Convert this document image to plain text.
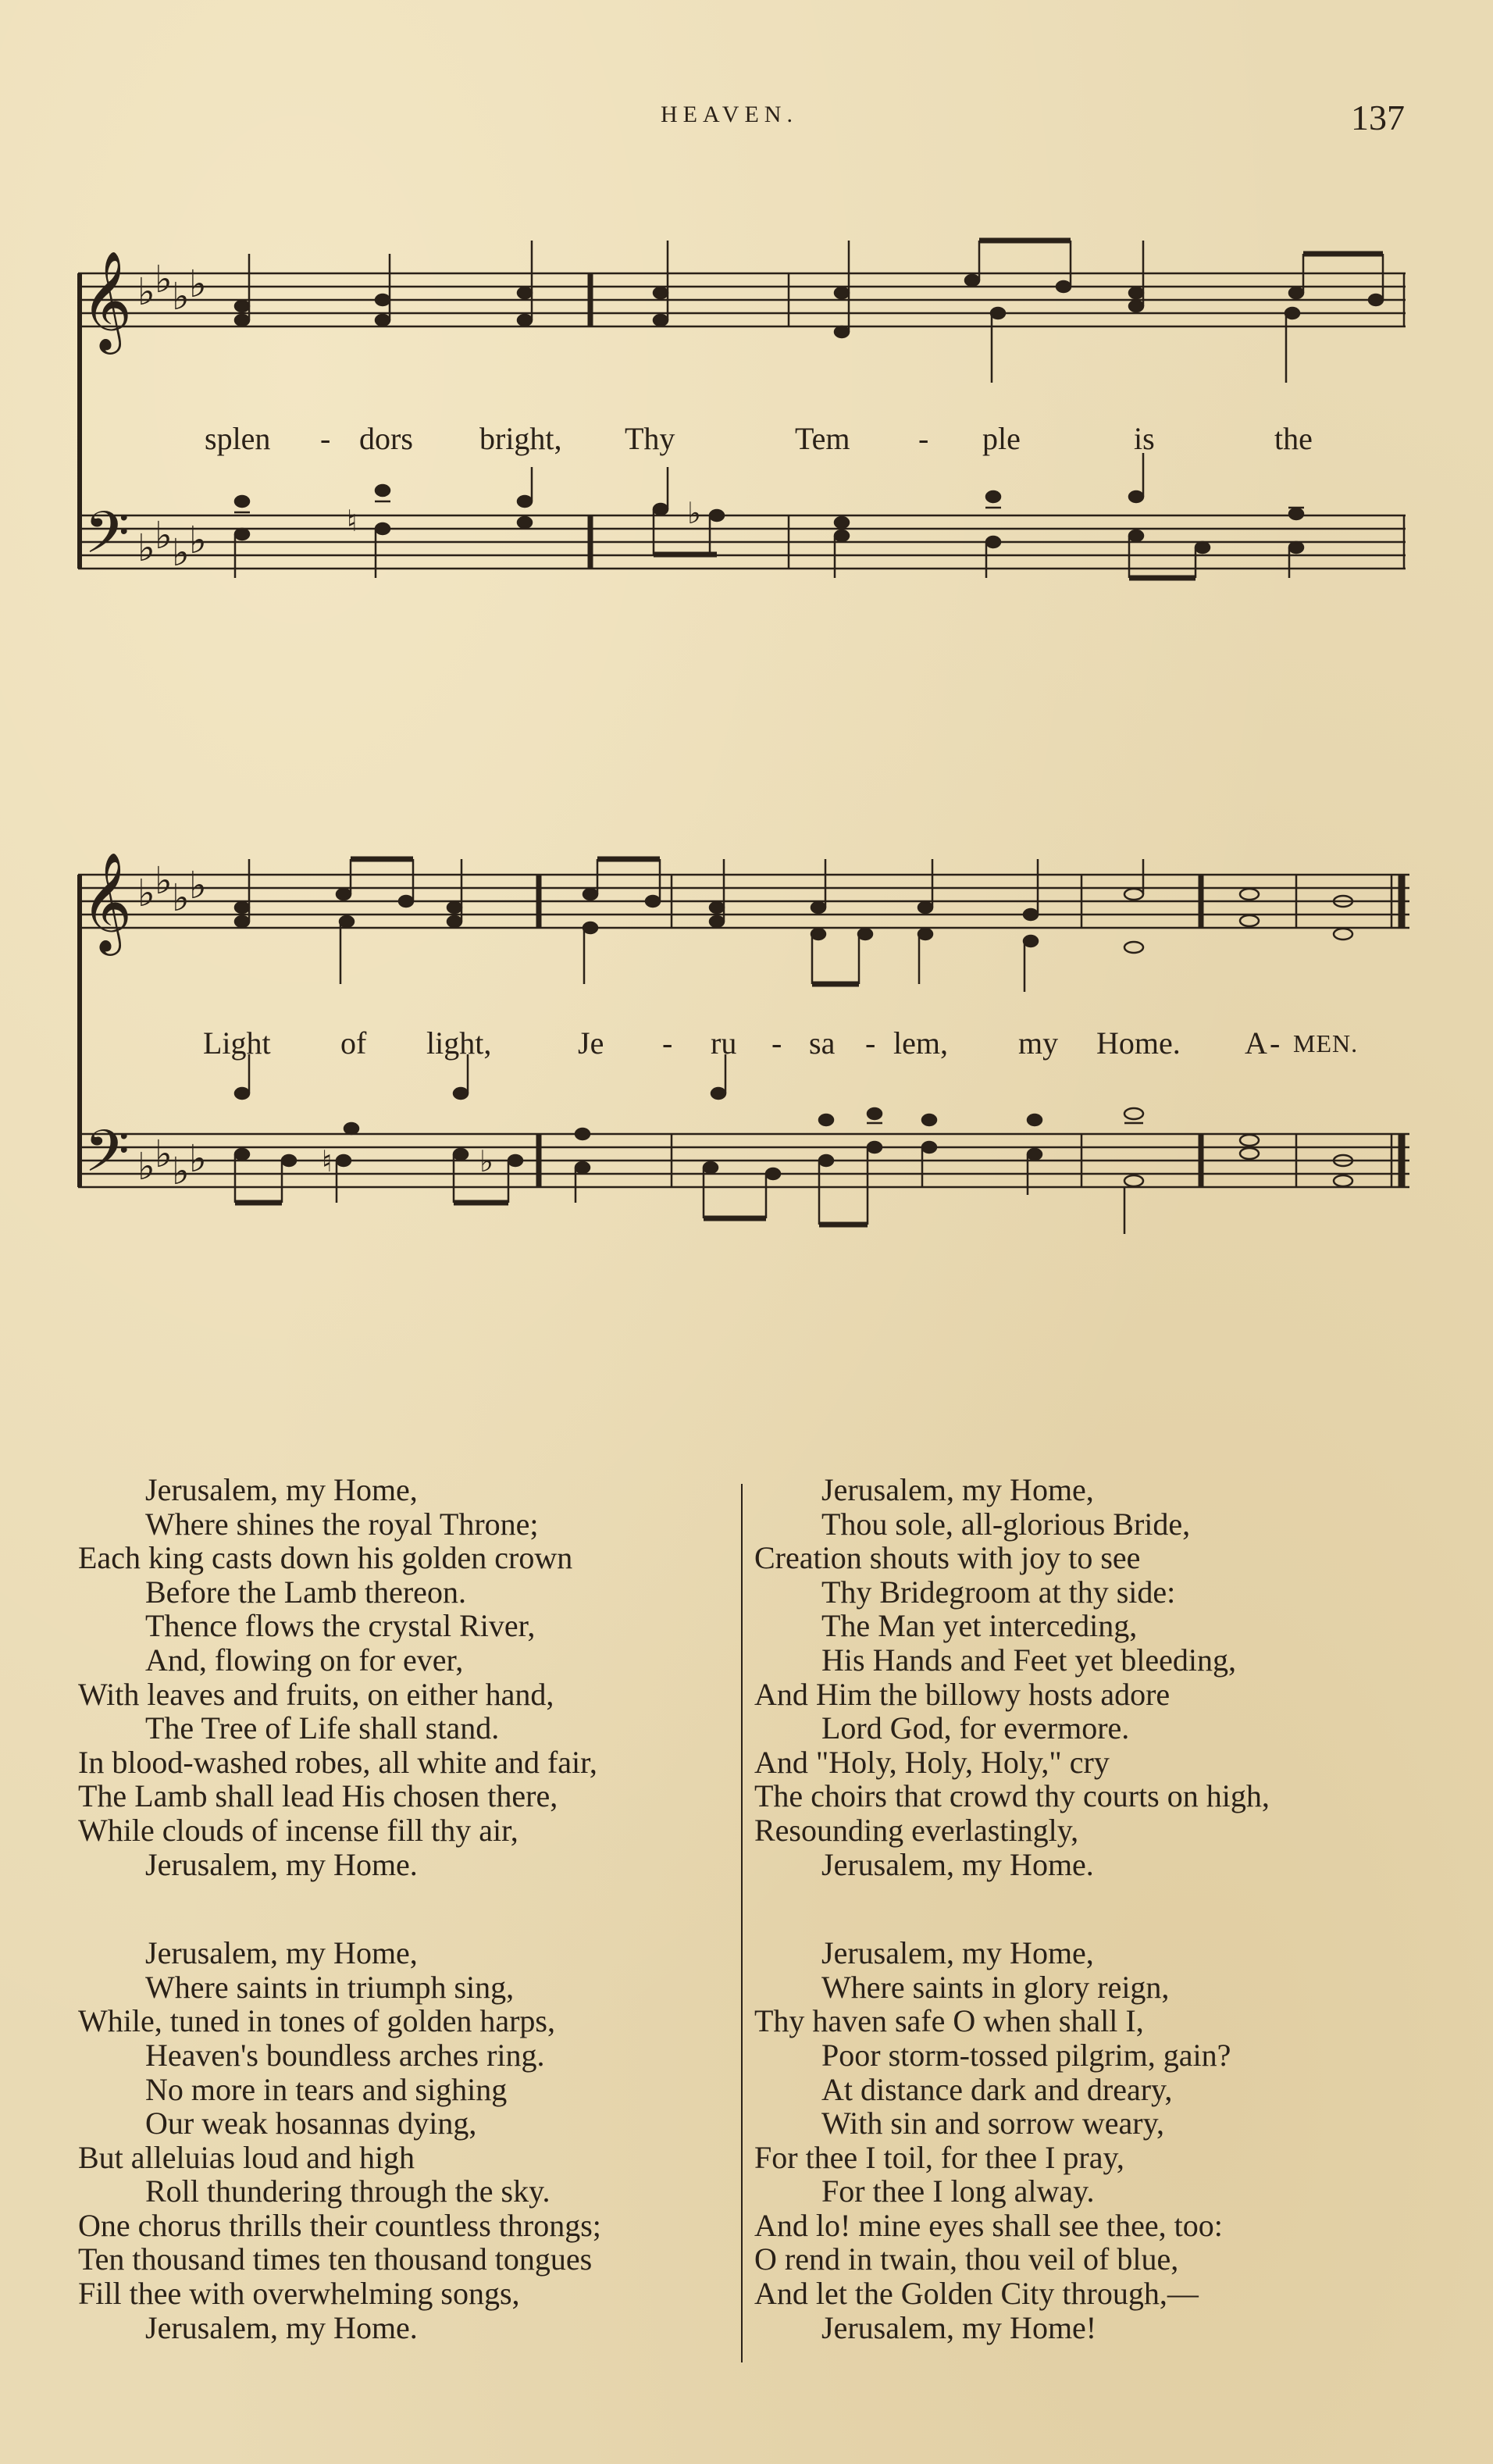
HEAVEN.	137
𝄞
𝄢
♭ ♭ ♭ ♭
♭ ♭ ♭ ♭	♮	♭
splen - dors bright, Thy	Tem - ple	is	the
𝄞
𝄢
♭ ♭ ♭ ♭
♭ ♭ ♭ ♭	♮	♭
Light of light,	Je - ru - sa - lem, my Home. A - MEN.
Jerusalem, my Home,
Where shines the royal Throne;
Each king casts down his golden crown
Before the Lamb thereon.
Thence flows the crystal River,
And, flowing on for ever,
With leaves and fruits, on either hand,
The Tree of Life shall stand.
In blood-washed robes, all white and fair,
The Lamb shall lead His chosen there,
While clouds of incense fill thy air,
Jerusalem, my Home.
Jerusalem, my Home,
Where saints in triumph sing,
While, tuned in tones of golden harps,
Heaven's boundless arches ring.
No more in tears and sighing
Our weak hosannas dying,
But alleluias loud and high
Roll thundering through the sky.
One chorus thrills their countless throngs;
Ten thousand times ten thousand tongues
Fill thee with overwhelming songs,
Jerusalem, my Home.
Jerusalem, my Home,
Thou sole, all-glorious Bride,
Creation shouts with joy to see
Thy Bridegroom at thy side:
The Man yet interceding,
His Hands and Feet yet bleeding,
And Him the billowy hosts adore
Lord God, for evermore.
And "Holy, Holy, Holy," cry
The choirs that crowd thy courts on high,
Resounding everlastingly,
Jerusalem, my Home.
Jerusalem, my Home,
Where saints in glory reign,
Thy haven safe O when shall I,
Poor storm-tossed pilgrim, gain?
At distance dark and dreary,
With sin and sorrow weary,
For thee I toil, for thee I pray,
For thee I long alway.
And lo! mine eyes shall see thee, too:
O rend in twain, thou veil of blue,
And let the Golden City through,—
Jerusalem, my Home!
